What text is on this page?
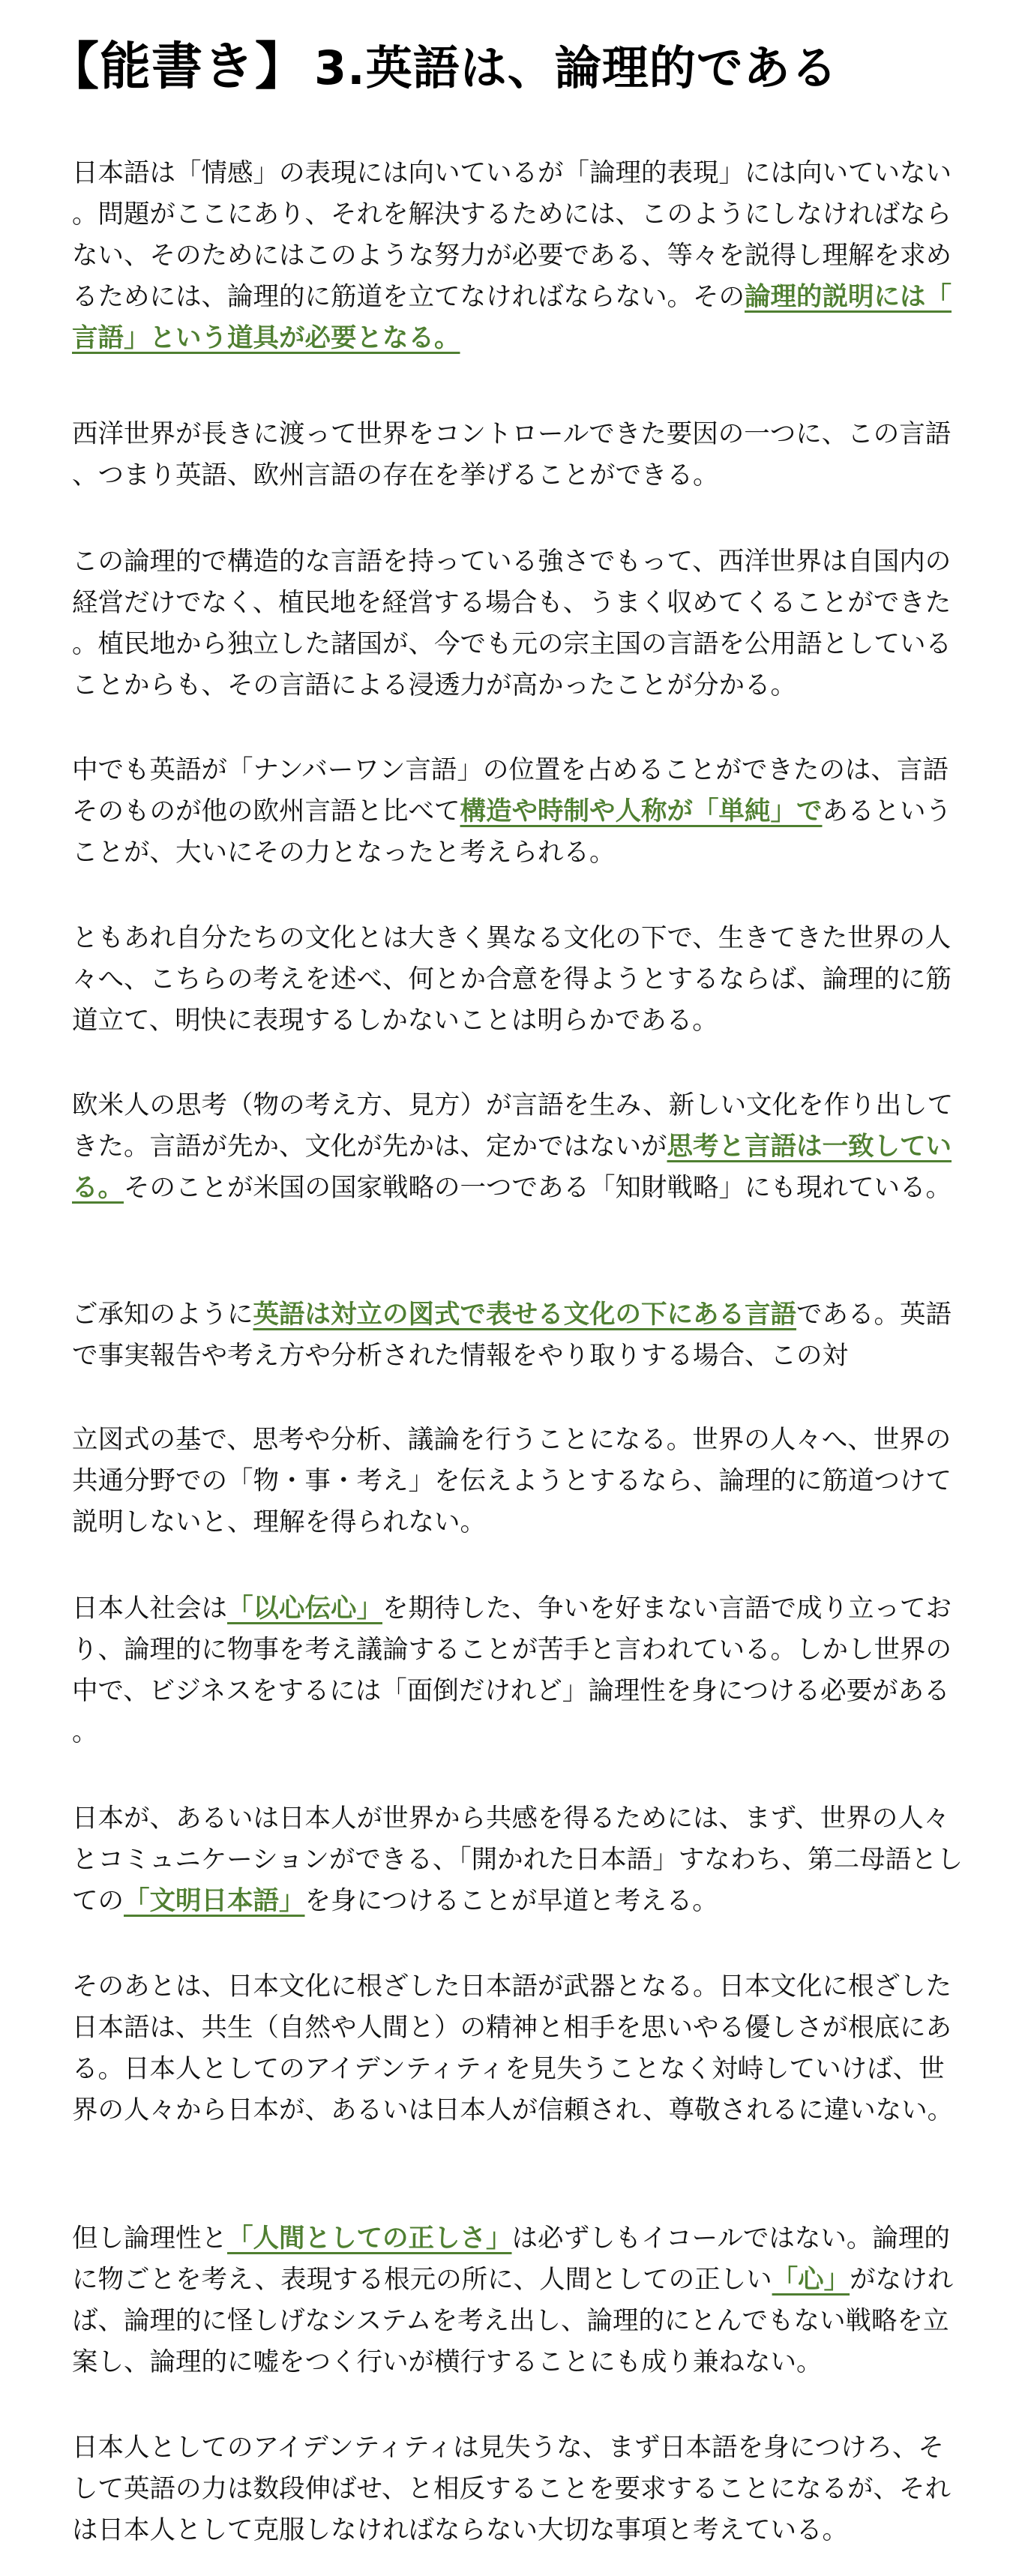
【能書き】 3.英語は、論理的である

日本語は「情感」の表現には向いているが「論理的表現」には向いていない。問題がここにあり、それを解決するためには、このようにしなければならない、そのためにはこのような努力が必要である、等々を説得し理解を求めるためには、論理的に筋道を立てなければならない。その論理的説明には「言語」という道具が必要となる。

西洋世界が長きに渡って世界をコントロールできた要因の一つに、この言語、つまり英語、欧州言語の存在を挙げることができる。

この論理的で構造的な言語を持っている強さでもって、西洋世界は自国内の経営だけでなく、植民地を経営する場合も、うまく収めてくることができた。植民地から独立した諸国が、今でも元の宗主国の言語を公用語としていることからも、その言語による浸透力が高かったことが分かる。

中でも英語が「ナンバーワン言語」の位置を占めることができたのは、言語そのものが他の欧州言語と比べて構造や時制や人称が「単純」であるということが、大いにその力となったと考えられる。

ともあれ自分たちの文化とは大きく異なる文化の下で、生きてきた世界の人々へ、こちらの考えを述べ、何とか合意を得ようとするならば、論理的に筋道立て、明快に表現するしかないことは明らかである。

欧米人の思考（物の考え方、見方）が言語を生み、新しい文化を作り出してきた。言語が先か、文化が先かは、定かではないが思考と言語は一致している。そのことが米国の国家戦略の一つである「知財戦略」にも現れている。

ご承知のように英語は対立の図式で表せる文化の下にある言語である。英語で事実報告や考え方や分析された情報をやり取りする場合、この対

立図式の基で、思考や分析、議論を行うことになる。世界の人々へ、世界の共通分野での「物・事・考え」を伝えようとするなら、論理的に筋道つけて説明しないと、理解を得られない。

日本人社会は「以心伝心」を期待した、争いを好まない言語で成り立っており、論理的に物事を考え議論することが苦手と言われている。しかし世界の中で、ビジネスをするには「面倒だけれど」論理性を身につける必要がある。

日本が、あるいは日本人が世界から共感を得るためには、まず、世界の人々とコミュニケーションができる、「開かれた日本語」すなわち、第二母語としての「文明日本語」を身につけることが早道と考える。

そのあとは、日本文化に根ざした日本語が武器となる。日本文化に根ざした日本語は、共生（自然や人間と）の精神と相手を思いやる優しさが根底にある。日本人としてのアイデンティティを見失うことなく対峙していけば、世界の人々から日本が、あるいは日本人が信頼され、尊敬されるに違いない。

但し論理性と「人間としての正しさ」は必ずしもイコールではない。論理的に物ごとを考え、表現する根元の所に、人間としての正しい「心」がなければ、論理的に怪しげなシステムを考え出し、論理的にとんでもない戦略を立案し、論理的に嘘をつく行いが横行することにも成り兼ねない。

日本人としてのアイデンティティは見失うな、まず日本語を身につけろ、そして英語の力は数段伸ばせ、と相反することを要求することになるが、それは日本人として克服しなければならない大切な事項と考えている。
